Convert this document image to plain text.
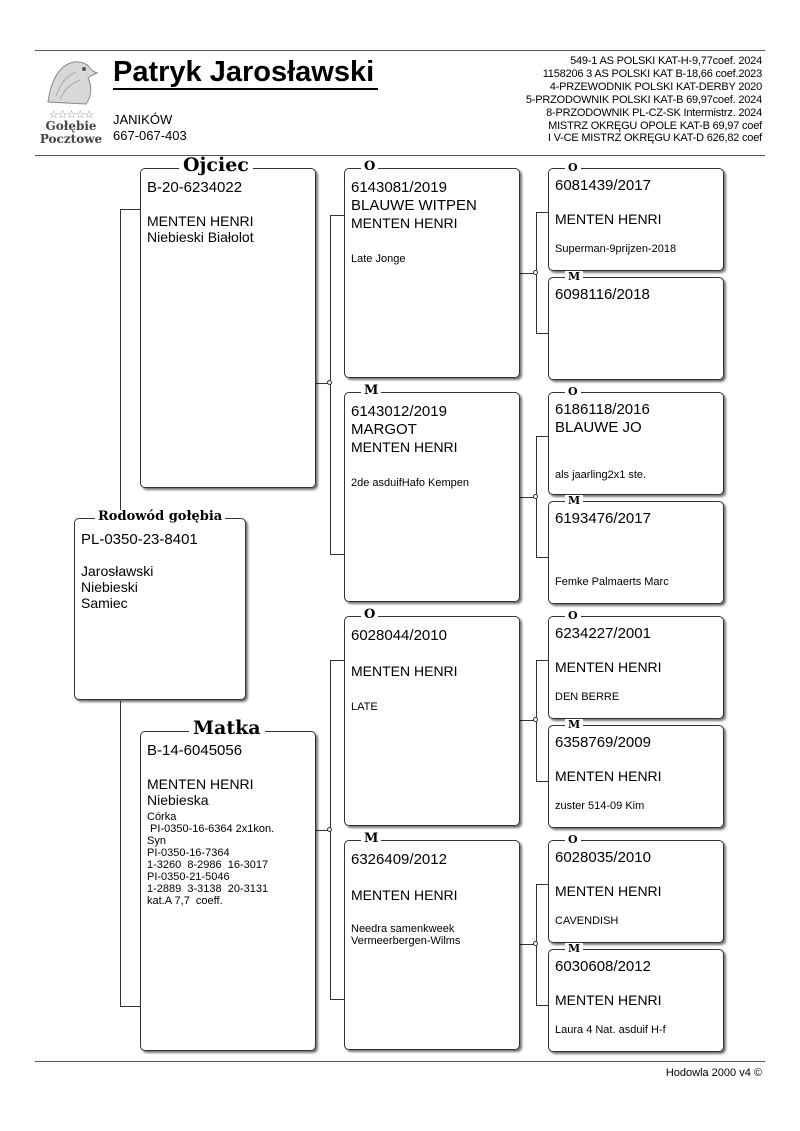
☆☆☆☆☆
Gołębie
Pocztowe
Patryk Jarosławski
JANIKÓW
667-067-403
549-1 AS POLSKI KAT-H-9,77coef. 2024
1158206 3 AS POLSKI KAT B-18,66 coef.2023
4-PRZEWODNIK POLSKI KAT-DERBY 2020
5-PRZODOWNIK POLSKI KAT-B 69,97coef. 2024
8-PRZODOWNIK PL-CZ-SK Intermistrz. 2024
MISTRZ OKRĘGU OPOLE KAT-B 69,97 coef
I V-CE MISTRZ OKRĘGU KAT-D 626,82 coef
Rodowód gołębia
PL-0350-23-8401
Jarosławski
Niebieski
Samiec
Ojciec
B-20-6234022
MENTEN HENRI
Niebieski Białolot
Matka
B-14-6045056
MENTEN HENRI
Niebieska
Córka
PI-0350-16-6364 2x1kon.
Syn
PI-0350-16-7364
1-3260  8-2986  16-3017
PI-0350-21-5046
1-2889  3-3138  20-3131
kat.A 7,7  coeff.
O
6143081/2019
BLAUWE WITPEN
MENTEN HENRI
Late Jonge
M
6143012/2019
MARGOT
MENTEN HENRI
2de asduifHafo Kempen
O
6028044/2010
MENTEN HENRI
LATE
M
6326409/2012
MENTEN HENRI
Needra samenkweek
Vermeerbergen-Wilms
O
6081439/2017
MENTEN HENRI
Superman-9prijzen-2018
M
6098116/2018
O
6186118/2016
BLAUWE JO
als jaarling2x1 ste.
M
6193476/2017
Femke Palmaerts Marc
O
6234227/2001
MENTEN HENRI
DEN BERRE
M
6358769/2009
MENTEN HENRI
zuster 514-09 Kim
O
6028035/2010
MENTEN HENRI
CAVENDISH
M
6030608/2012
MENTEN HENRI
Laura 4 Nat. asduif H-f
Hodowla 2000 v4 ©
